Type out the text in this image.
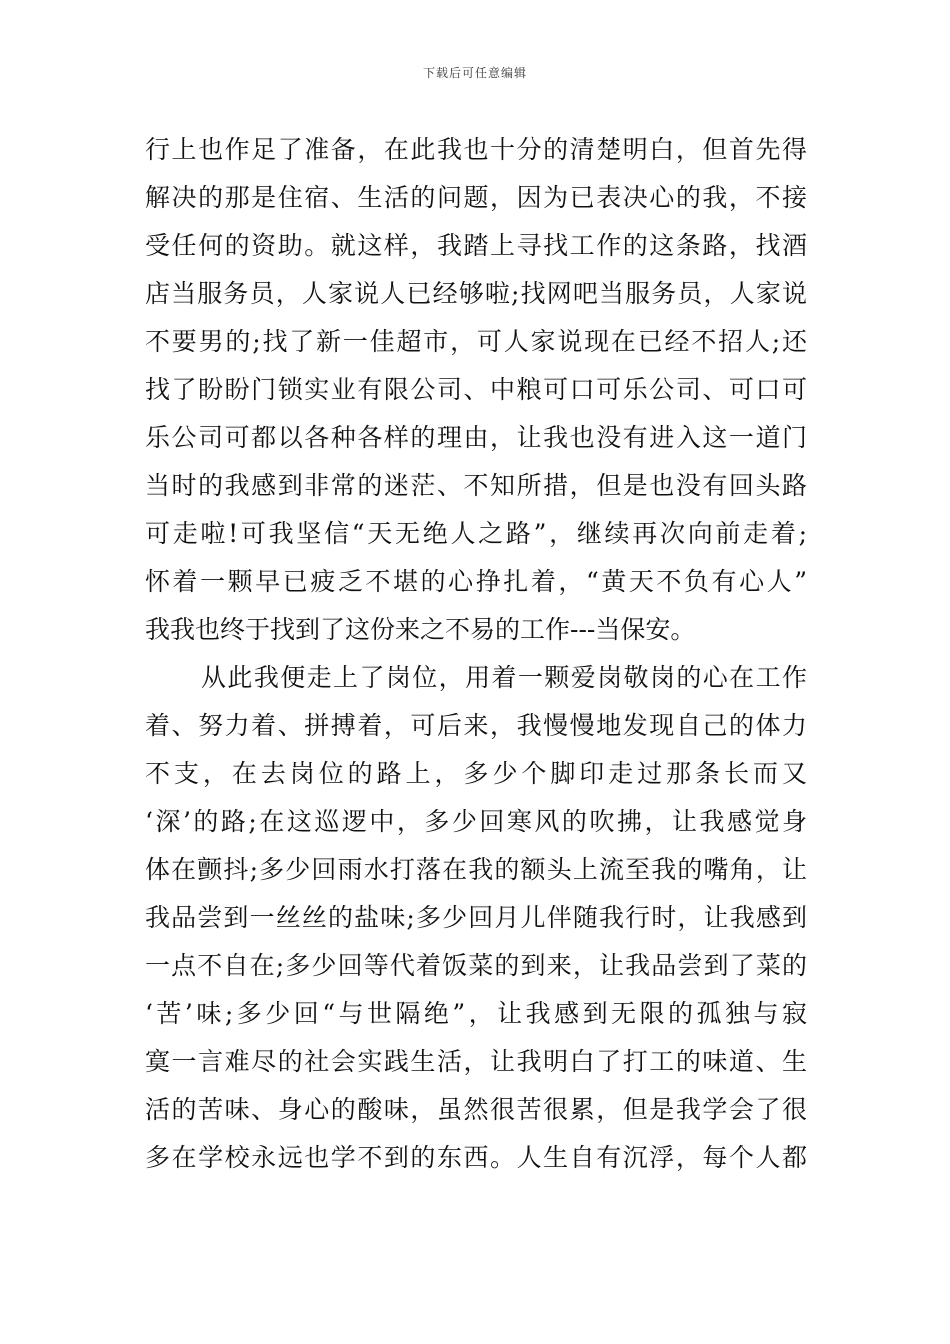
下载后可任意编辑
行上也作足了准备，在此我也十分的清楚明白，但首先得
解决的那是住宿、生活的问题，因为已表决心的我，不接
受任何的资助。就这样，我踏上寻找工作的这条路，找酒
店当服务员，人家说人已经够啦;找网吧当服务员，人家说
不要男的;找了新一佳超市，可人家说现在已经不招人;还
找了盼盼门锁实业有限公司、中粮可口可乐公司、可口可
乐公司可都以各种各样的理由，让我也没有进入这一道门
当时的我感到非常的迷茫、不知所措，但是也没有回头路
可走啦!可我坚信“天无绝人之路”，继续再次向前走着;
怀着一颗早已疲乏不堪的心挣扎着，“黄天不负有心人”
我我也终于找到了这份来之不易的工作---当保安。
从此我便走上了岗位，用着一颗爱岗敬岗的心在工作
着、努力着、拼搏着，可后来，我慢慢地发现自己的体力
不支，在去岗位的路上，多少个脚印走过那条长而又
‘深’的路;在这巡逻中，多少回寒风的吹拂，让我感觉身
体在颤抖;多少回雨水打落在我的额头上流至我的嘴角，让
我品尝到一丝丝的盐味;多少回月儿伴随我行时，让我感到
一点不自在;多少回等代着饭菜的到来，让我品尝到了菜的
‘苦’味;多少回“与世隔绝”，让我感到无限的孤独与寂
寞一言难尽的社会实践生活，让我明白了打工的味道、生
活的苦味、身心的酸味，虽然很苦很累，但是我学会了很
多在学校永远也学不到的东西。人生自有沉浮，每个人都
